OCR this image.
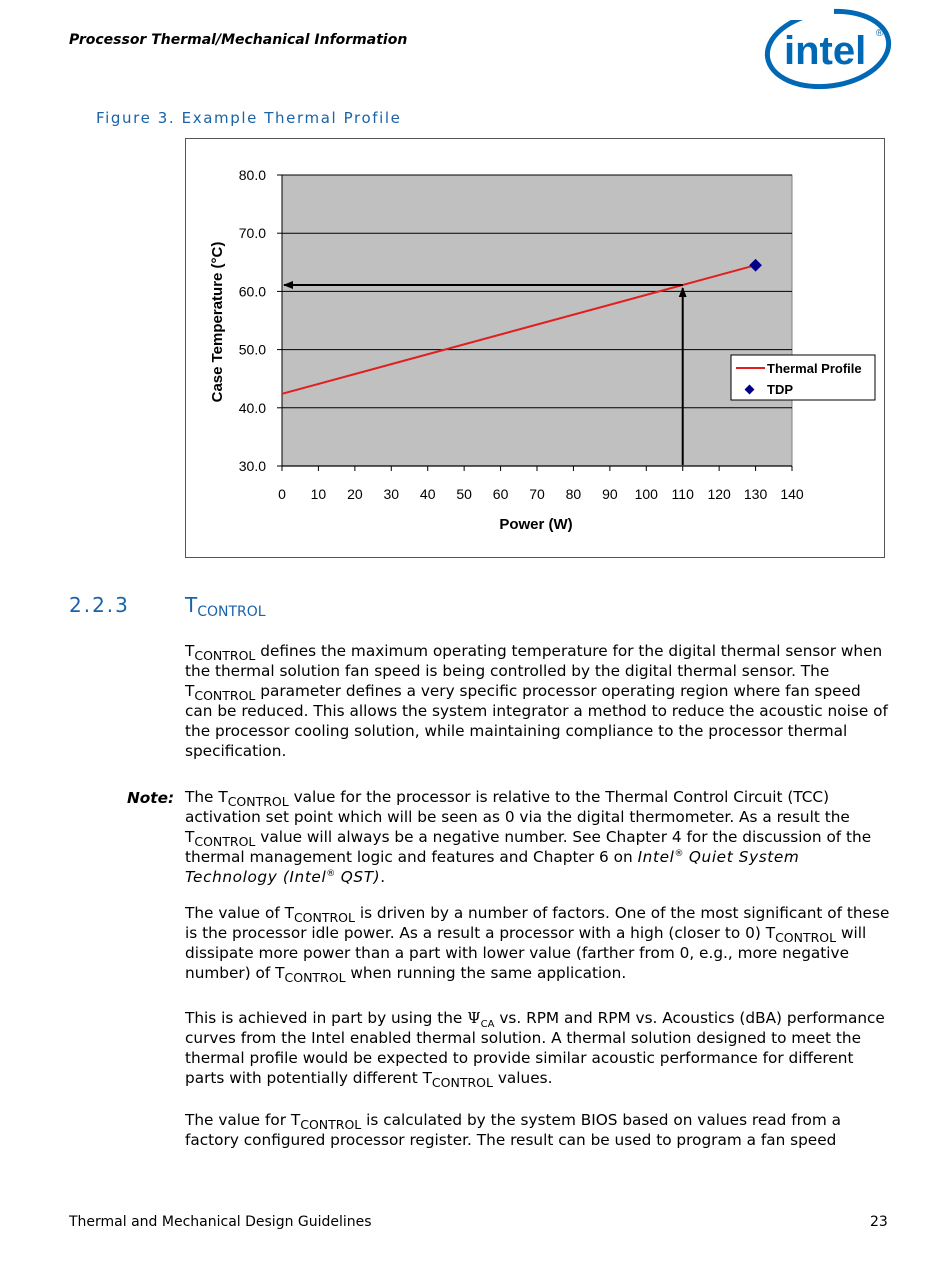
Processor Thermal/Mechanical Information	intel ®
Figure 3. Example Thermal Profile
80.0
70.0
60.0
50.0
40.0
30.0
0 10 20 30 40 50 60 70 80 90 100 110 120 130 140
Power (W)
Case Temperature (°C)	Thermal Profile
TDP
2.2.3	$T_{CONTROL}$

$T_{CONTROL}$ defines the maximum operating temperature for the digital thermal sensor when the thermal solution fan speed is being controlled by the digital thermal sensor. The $T_{CONTROL}$ parameter defines a very specific processor operating region where fan speed can be reduced. This allows the system integrator a method to reduce the acoustic noise of the processor cooling solution, while maintaining compliance to the processor thermal specification.

Note: The $T_{CONTROL}$ value for the processor is relative to the Thermal Control Circuit (TCC) activation set point which will be seen as 0 via the digital thermometer. As a result the $T_{CONTROL}$ value will always be a negative number. See Chapter 4 for the discussion of the thermal management logic and features and Chapter 6 on Intel® Quiet System Technology (Intel® QST).

The value of $T_{CONTROL}$ is driven by a number of factors. One of the most significant of these is the processor idle power. As a result a processor with a high (closer to 0) $T_{CONTROL}$ will dissipate more power than a part with lower value (farther from 0, e.g., more negative number) of $T_{CONTROL}$ when running the same application.

This is achieved in part by using the $\Psi_{CA}$ vs. RPM and RPM vs. Acoustics (dBA) performance curves from the Intel enabled thermal solution. A thermal solution designed to meet the thermal profile would be expected to provide similar acoustic performance for different parts with potentially different $T_{CONTROL}$ values.

The value for $T_{CONTROL}$ is calculated by the system BIOS based on values read from a factory configured processor register. The result can be used to program a fan speed

Thermal and Mechanical Design Guidelines	23
